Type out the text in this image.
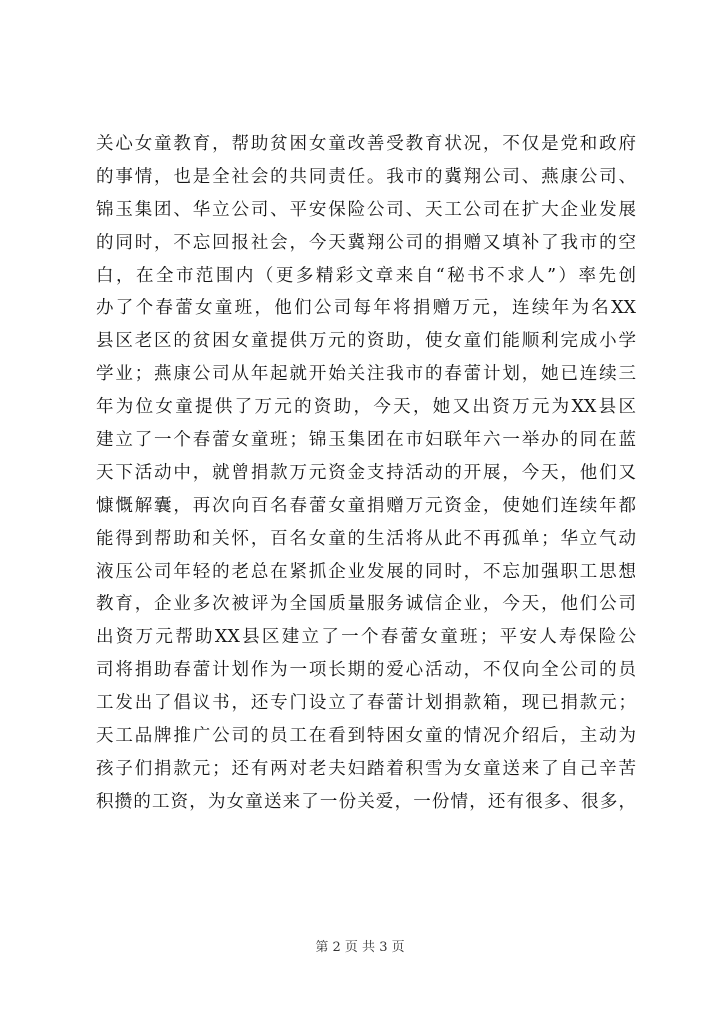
关心女童教育，帮助贫困女童改善受教育状况，不仅是党和政府
的事情，也是全社会的共同责任。我市的冀翔公司、燕康公司、
锦玉集团、华立公司、平安保险公司、天工公司在扩大企业发展
的同时，不忘回报社会，今天冀翔公司的捐赠又填补了我市的空
白，在全市范围内（更多精彩文章来自“秘书不求人”）率先创
办了个春蕾女童班，他们公司每年将捐赠万元，连续年为名XX
县区老区的贫困女童提供万元的资助，使女童们能顺利完成小学
学业；燕康公司从年起就开始关注我市的春蕾计划，她已连续三
年为位女童提供了万元的资助，今天，她又出资万元为XX县区
建立了一个春蕾女童班；锦玉集团在市妇联年六一举办的同在蓝
天下活动中，就曾捐款万元资金支持活动的开展，今天，他们又
慷慨解囊，再次向百名春蕾女童捐赠万元资金，使她们连续年都
能得到帮助和关怀，百名女童的生活将从此不再孤单；华立气动
液压公司年轻的老总在紧抓企业发展的同时，不忘加强职工思想
教育，企业多次被评为全国质量服务诚信企业，今天，他们公司
出资万元帮助XX县区建立了一个春蕾女童班；平安人寿保险公
司将捐助春蕾计划作为一项长期的爱心活动，不仅向全公司的员
工发出了倡议书，还专门设立了春蕾计划捐款箱，现已捐款元；
天工品牌推广公司的员工在看到特困女童的情况介绍后，主动为
孩子们捐款元；还有两对老夫妇踏着积雪为女童送来了自己辛苦
积攒的工资，为女童送来了一份关爱，一份情，还有很多、很多，
第 2 页 共 3 页
